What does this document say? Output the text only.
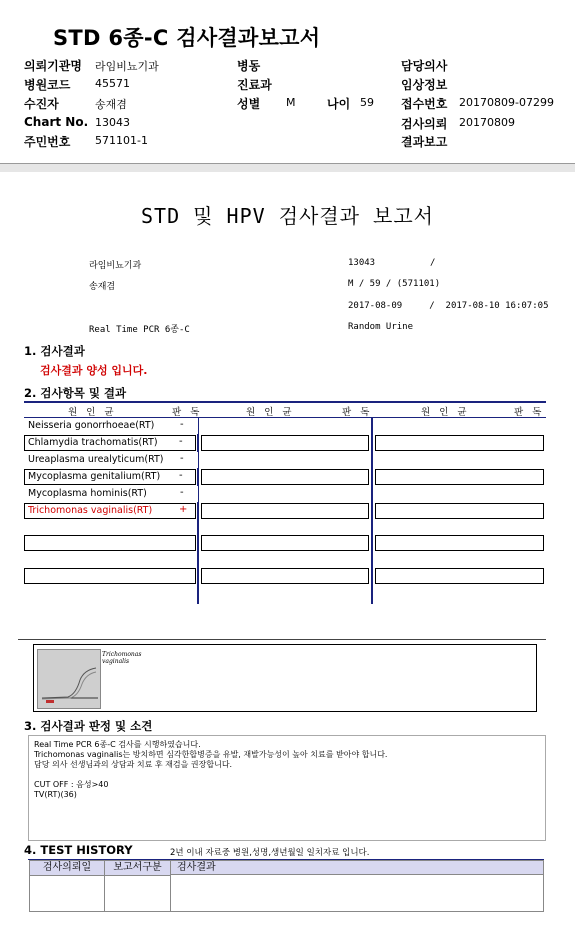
STD 6종-C 검사결과보고서
의뢰기관명 라임비뇨기과
병원코드 45571
수진자	송재겸
Chart No. 13043
주민번호 571101-1
병동
진료과
성별 M	나이 59
담당의사
임상정보
접수번호 20170809-07299
검사의뢰 20170809
결과보고
STD 및 HPV 검사결과 보고서
라임비뇨기과
송재겸
Real Time PCR 6종-C
13043	/
M / 59 / (571101)
2017-08-09     /  2017-08-10 16:07:05
Random Urine
1. 검사결과
검사결과 양성 입니다.
2. 검사항목 및 결과
원 인 균	판 독	원 인 균	판 독	원 인 균	판 독
Neisseria gonorrhoeae(RT)	-
Chlamydia trachomatis(RT) -
Ureaplasma urealyticum(RT) -
Mycoplasma genitalium(RT) -
Mycoplasma hominis(RT)	-
Trichomonas vaginalis(RT)	+
Trichomonas vaginalis
3. 검사결과 판정 및 소견
Real Time PCR 6종-C 검사를 시행하였습니다.
Trichomonas vaginalis는 방치하면 심각한합병증을 유발, 재발가능성이 높아 치료를 받아야 합니다.
담당 의사 선생님과의 상담과 치료 후 재검을 권장합니다.
CUT OFF : 음성>40
TV(RT)(36)
4. TEST HISTORY	2년 이내 자료중 병원,성명,생년월일 일치자료 입니다.
검사의뢰일	보고서구분	검사결과
